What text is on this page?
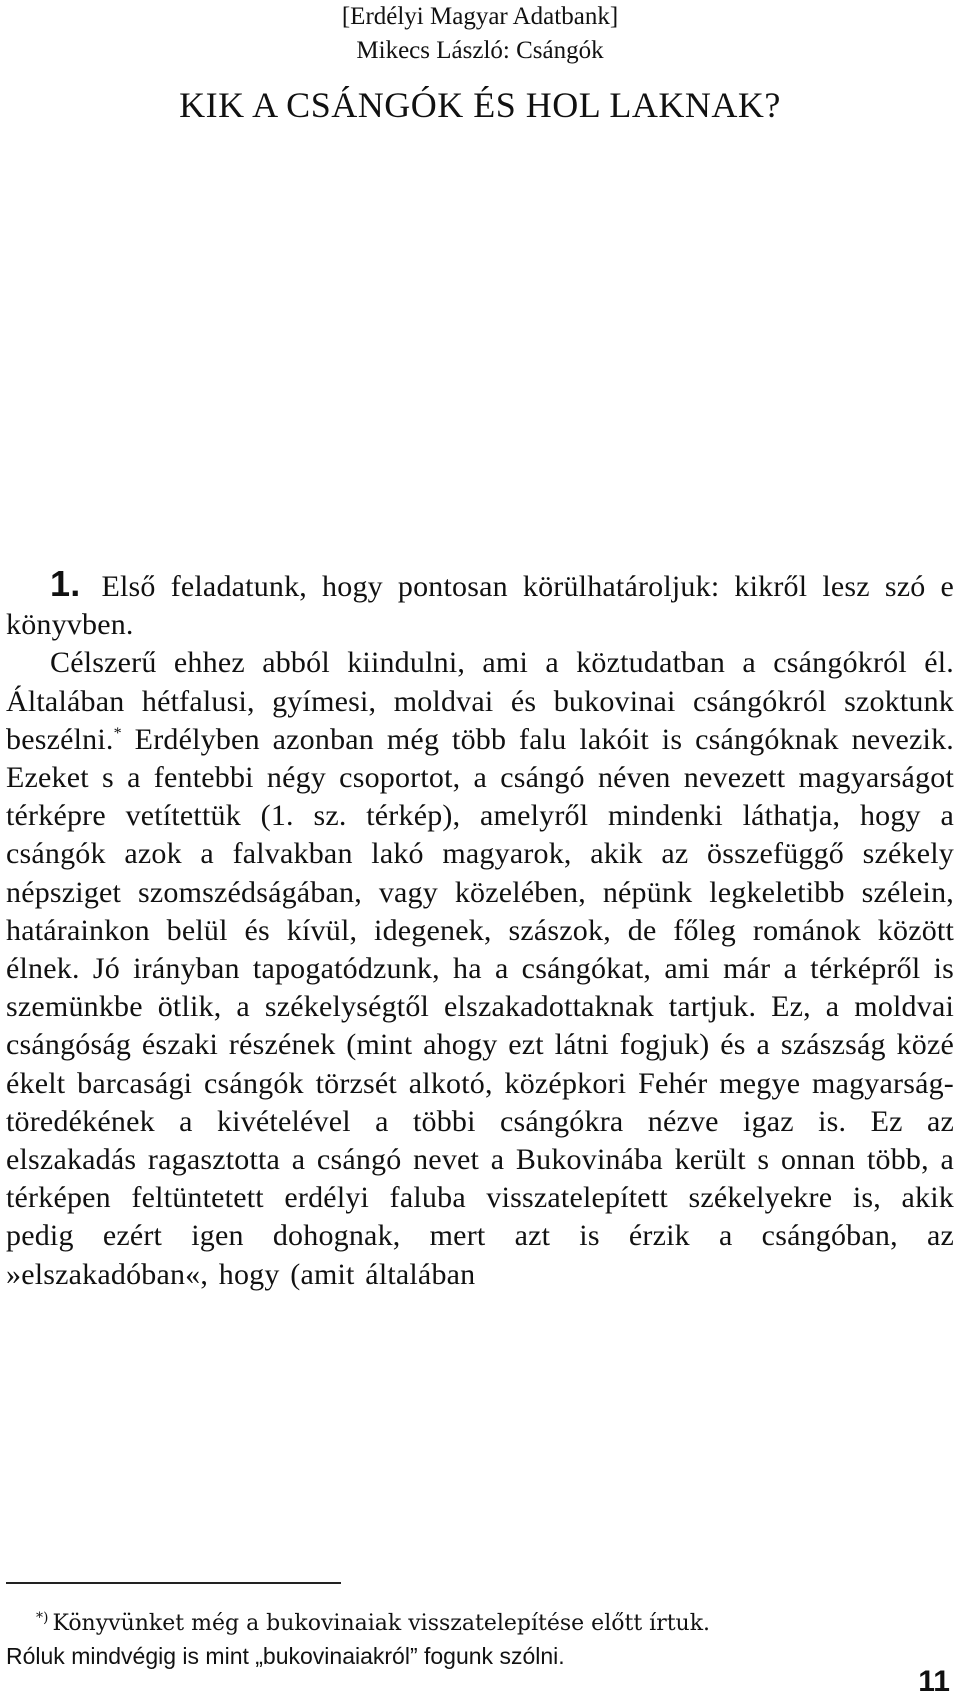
[Erdélyi Magyar Adatbank]
Mikecs László: Csángók
KIK A CSÁNGÓK ÉS HOL LAKNAK?

1. Első feladatunk, hogy pontosan körülhatároljuk: kikről lesz szó e könyvben.

Célszerű ehhez abból kiindulni, ami a köztudatban a csángókról él. Általában hétfalusi, gyímesi, moldvai és bukovinai csángókról szoktunk beszélni.* Erdélyben azonban még több falu lakóit is csángóknak nevezik. Ezeket s a fentebbi négy csoportot, a csángó néven nevezett magyarságot térképre vetítettük (1. sz. térkép), amelyről mindenki láthatja, hogy a csángók azok a falvakban lakó magyarok, akik az összefüggő székely népsziget szomszédságában, vagy közelében, népünk legkeletibb szélein, határainkon belül és kívül, idegenek, szászok, de főleg románok között élnek. Jó irányban tapogatódzunk, ha a csángókat, ami már a térképről is szemünkbe ötlik, a székelységtől elszakadottaknak tartjuk. Ez, a moldvai csángóság északi részének (mint ahogy ezt látni fogjuk) és a szászság közé ékelt barcasági csángók törzsét alkotó, középkori Fehér megye magyarság-töredékének a kivételével a többi csángókra nézve igaz is. Ez az elszakadás ragasztotta a csángó nevet a Bukovinába került s onnan több, a térképen feltüntetett erdélyi faluba visszatelepített székelyekre is, akik pedig ezért igen dohognak, mert azt is érzik a csángóban, az »elszakadóban«, hogy (amit általában

*) Könyvünket még a bukovinaiak visszatelepítése előtt írtuk.

Róluk mindvégig is mint „bukovinaiakról” fogunk szólni.

11
